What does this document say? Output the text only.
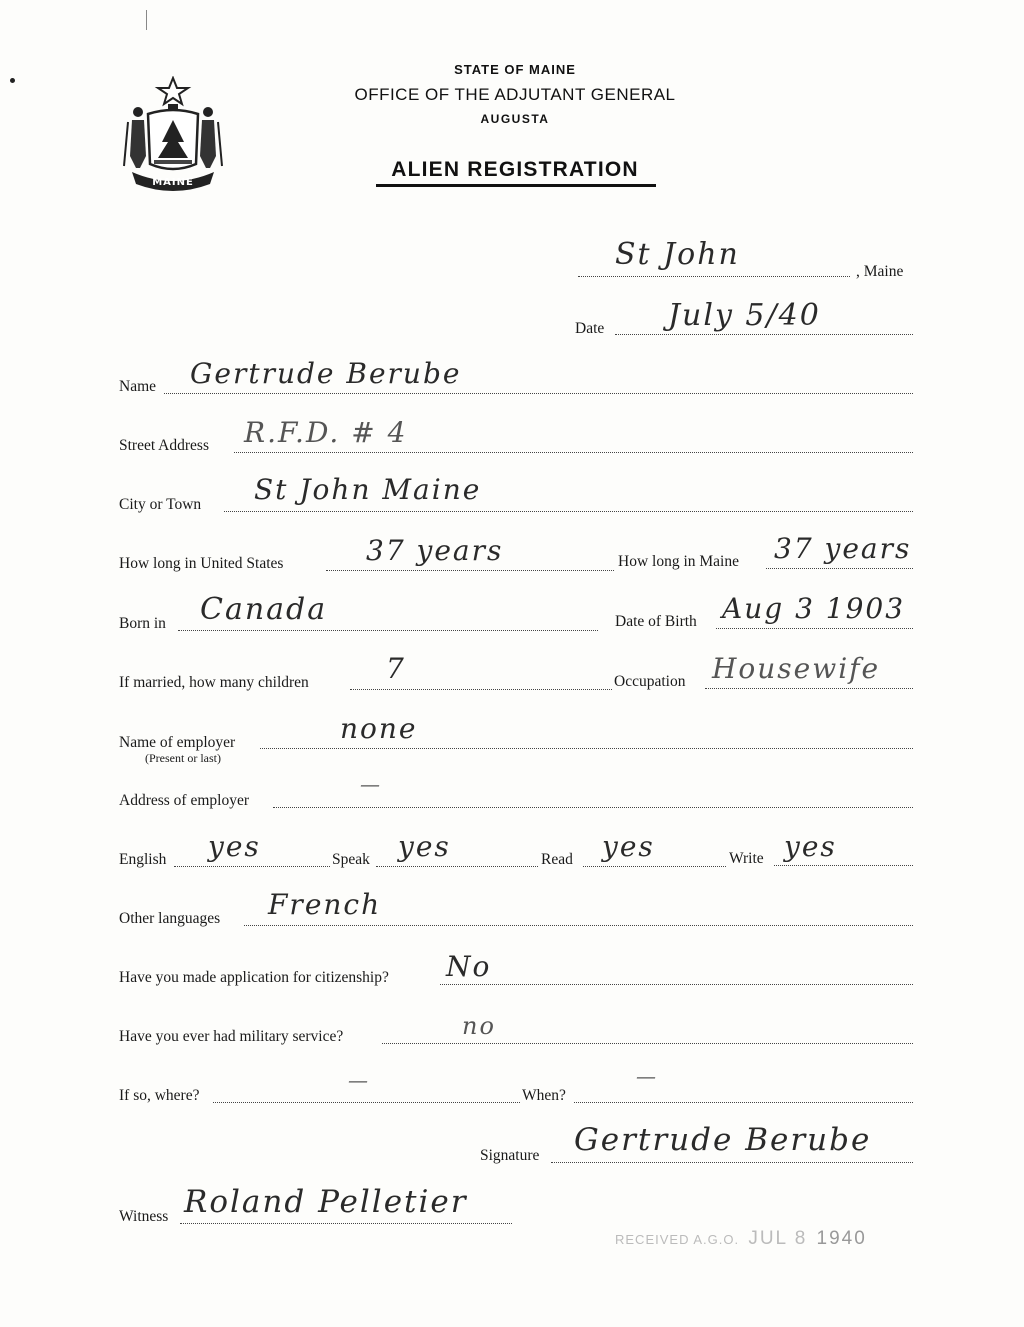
MAINE
STATE OF MAINE
OFFICE OF THE ADJUTANT GENERAL
AUGUSTA
ALIEN REGISTRATION
St John	, Maine
Date July 5/40
Name Gertrude Berube
Street Address R.F.D. # 4
City or Town St John Maine
How long in United States	37 years	How long in Maine 37 years
Born in Canada	Date of Birth Aug 3 1903
If married, how many children	7	Occupation Housewife
Name of employer
(Present or last)
none
Address of employer
—
English yes	Speak yes	Read yes	Write yes
Other languages French
Have you made application for citizenship? No
Have you ever had military service?	no
If so, where?
—
When?
—
Signature Gertrude Berube
Witness Roland Pelletier
RECEIVED A.G.O. JUL 8 1940
